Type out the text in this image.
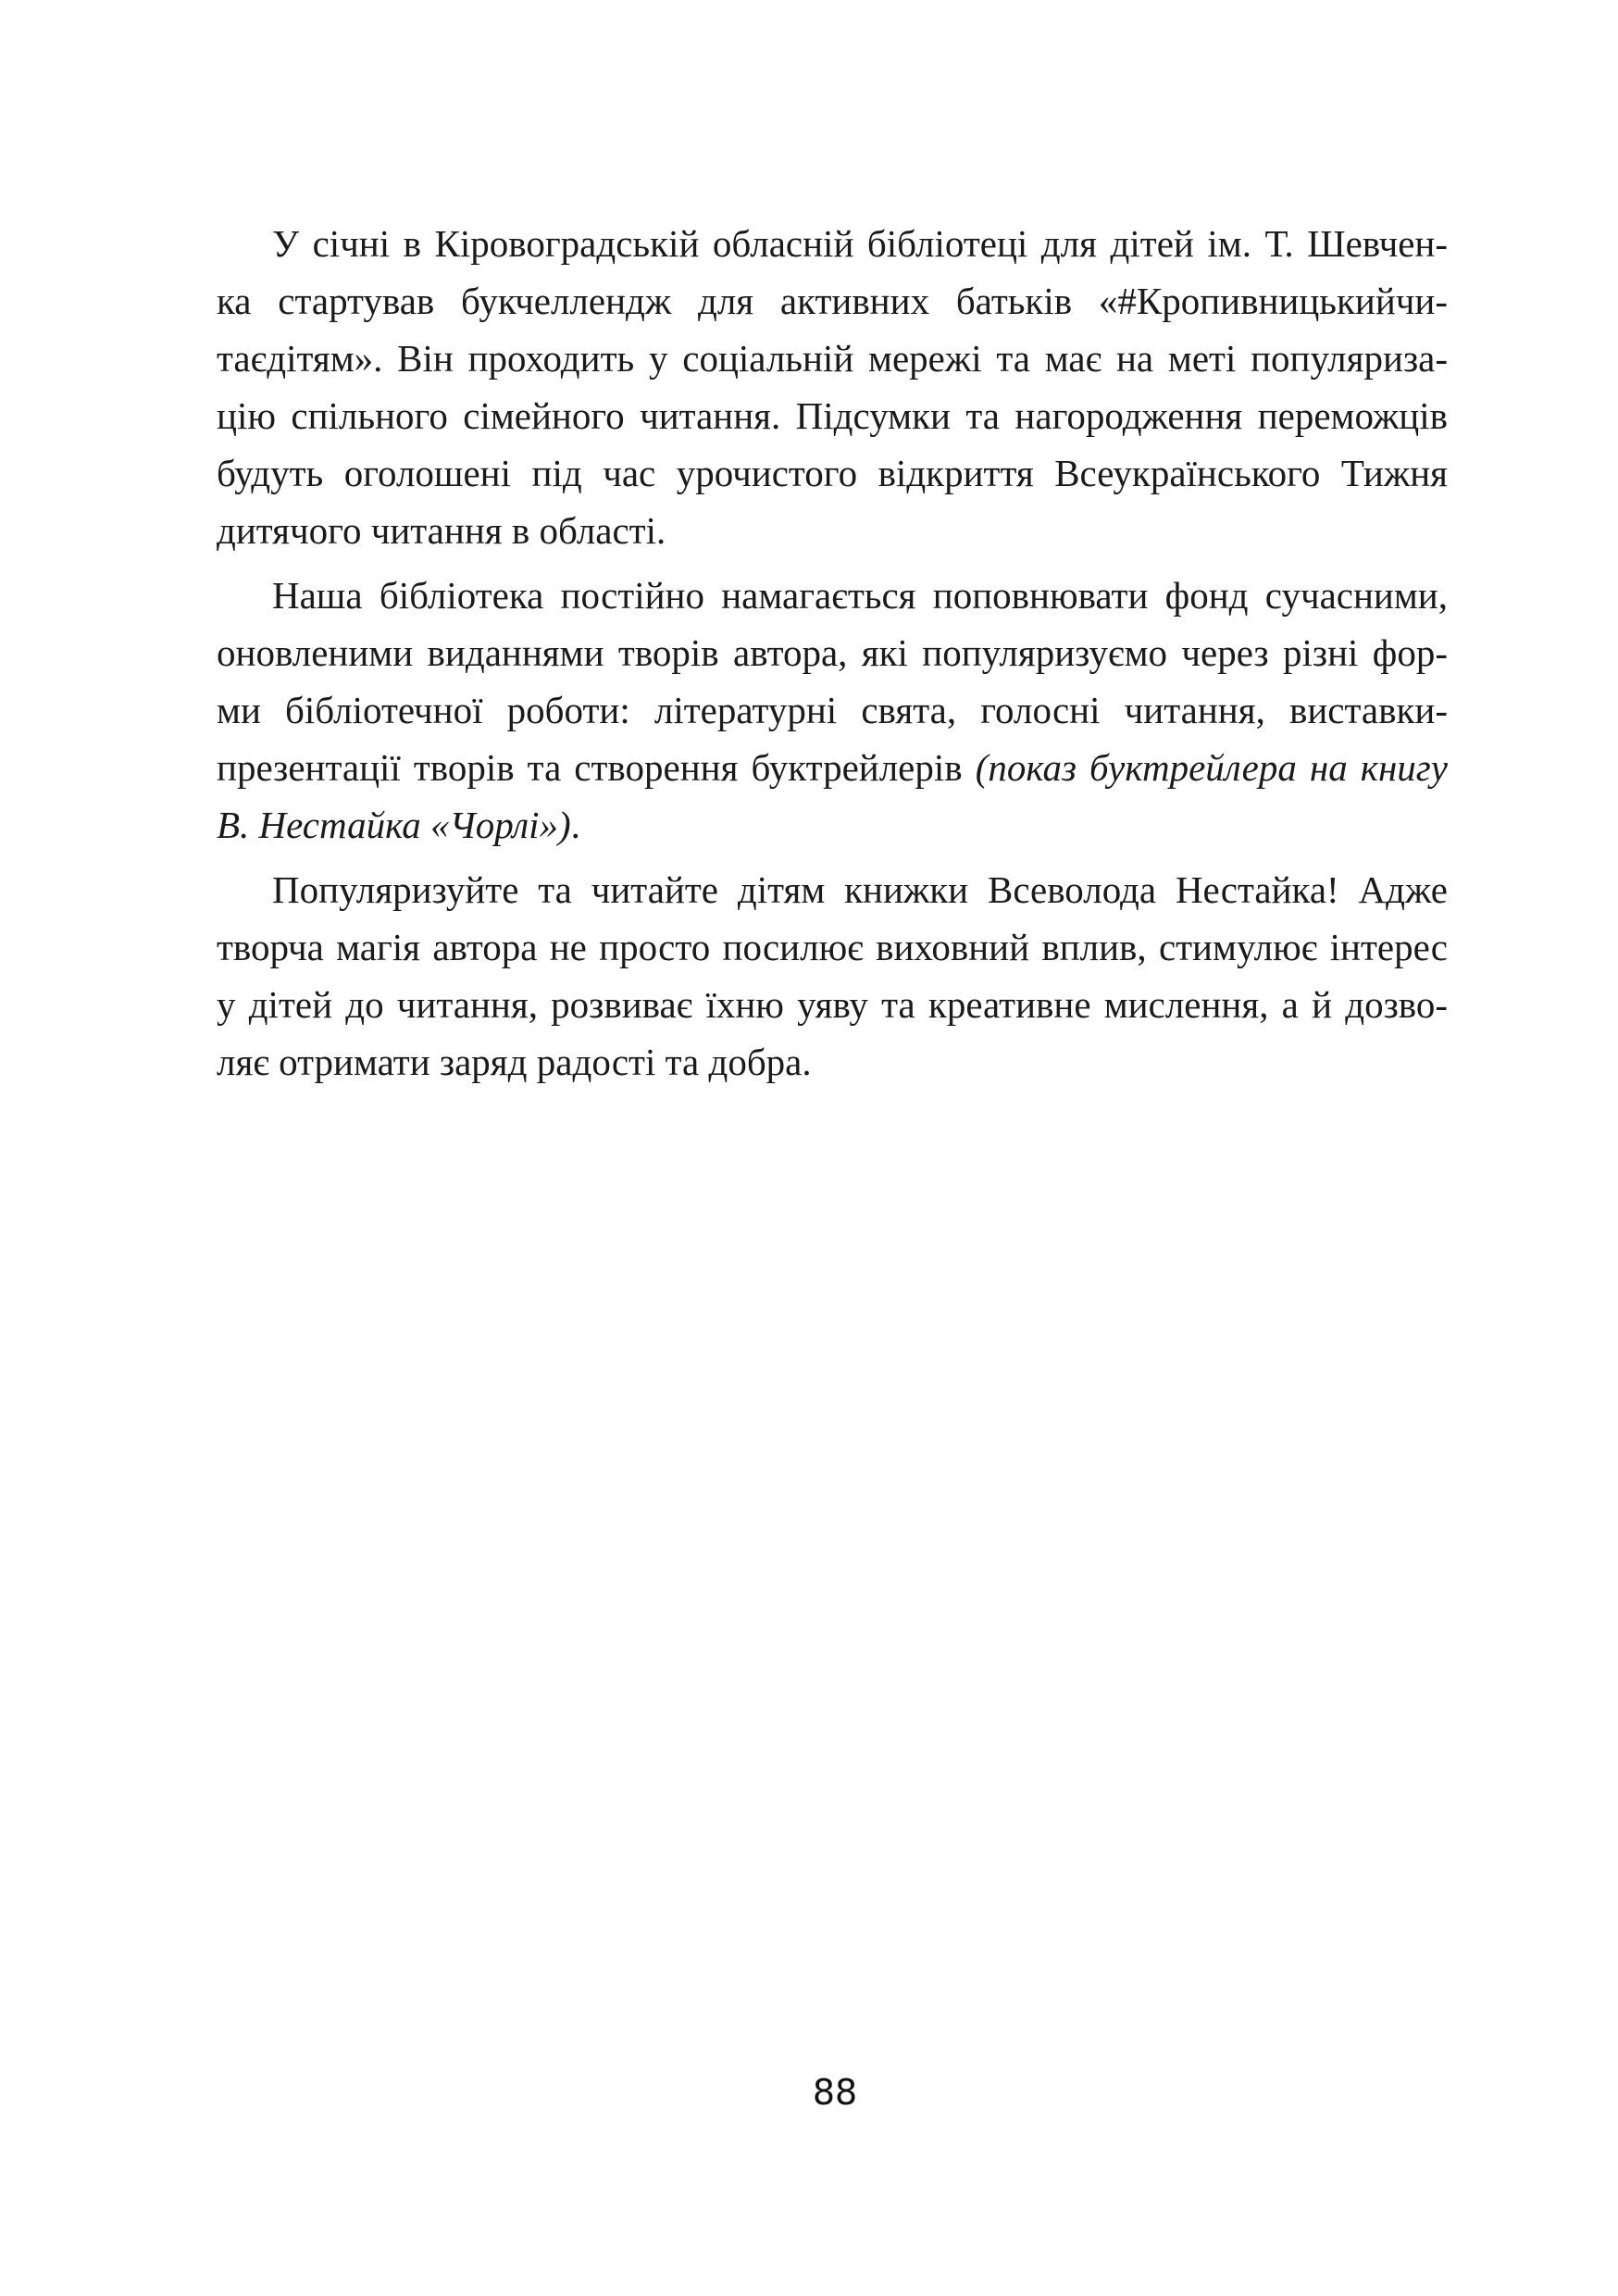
У січні в Кіровоградській обласній бібліотеці для дітей ім. Т. Шевчен-
ка стартував букчеллендж для активних батьків «#Кропивницькийчи-
таєдітям». Він проходить у соціальній мережі та має на меті популяриза-
цію спільного сімейного читання. Підсумки та нагородження переможців
будуть оголошені під час урочистого відкриття Всеукраїнського Тижня
дитячого читання в області.
Наша бібліотека постійно намагається поповнювати фонд сучасними,
оновленими виданнями творів автора, які популяризуємо через різні фор-
ми бібліотечної роботи: літературні свята, голосні читання, виставки-
презентації творів та створення буктрейлерів (показ буктрейлера на книгу
В. Нестайка «Чорлі»).
Популяризуйте та читайте дітям книжки Всеволода Нестайка! Адже
творча магія автора не просто посилює виховний вплив, стимулює інтерес
у дітей до читання, розвиває їхню уяву та креативне мислення, а й дозво-
ляє отримати заряд радості та добра.
88
